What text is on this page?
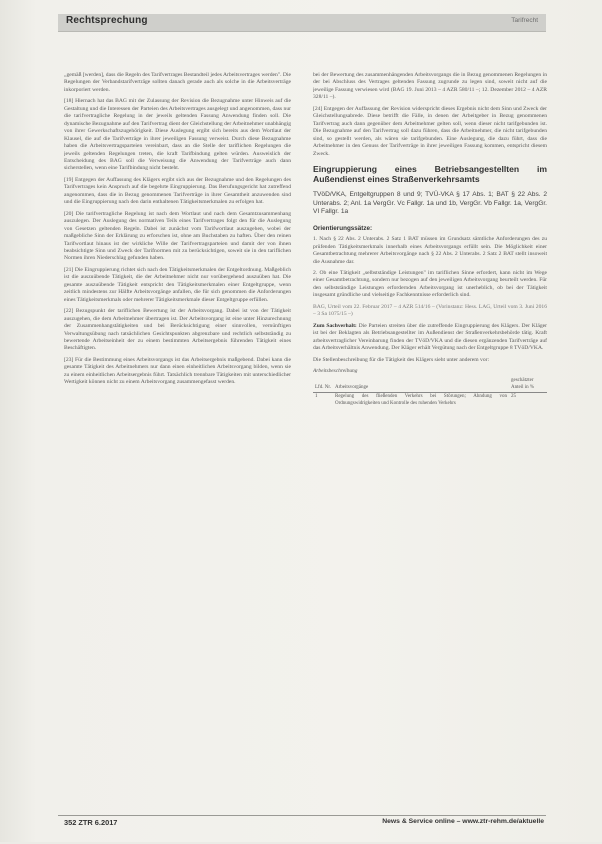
Rechtsprechung	Tarifrecht

„gemäß [werden], dass die Regeln des Tarifvertrages Bestandteil jedes Arbeitsvertrages werden". Die Regelungen der Verbandstarifverträge sollten danach gerade auch als solche in die Arbeitsverträge inkorporiert werden.

[18] Hiernach hat das BAG mit der Zulassung der Revision die Bezugnahme unter Hinweis auf die Gestaltung und die Interessen der Parteien des Arbeitsvertrages ausgelegt und angenommen, dass nur die tarifvertragliche Regelung in der jeweils geltenden Fassung Anwendung finden soll. Die dynamische Bezugnahme auf den Tarifvertrag dient der Gleichstellung der Arbeitnehmer unabhängig von ihrer Gewerkschaftszugehörigkeit. Diese Auslegung ergibt sich bereits aus dem Wortlaut der Klausel, die auf die Tarifverträge in ihrer jeweiligen Fassung verweist. Durch diese Bezugnahme haben die Arbeitsvertragsparteien vereinbart, dass an die Stelle der tariflichen Regelungen die jeweils geltenden Regelungen treten, die kraft Tarifbindung gelten würden. Ausweislich der Entscheidung des BAG soll die Verweisung die Anwendung der Tarifverträge auch dann sicherstellen, wenn eine Tarifbindung nicht besteht.

[19] Entgegen der Auffassung des Klägers ergibt sich aus der Bezugnahme und den Regelungen des Tarifvertrages kein Anspruch auf die begehrte Eingruppierung. Das Berufungsgericht hat zutreffend angenommen, dass die in Bezug genommenen Tarifverträge in ihrer Gesamtheit anzuwenden sind und die Eingruppierung nach den darin enthaltenen Tätigkeitsmerkmalen zu erfolgen hat.

[20] Die tarifvertragliche Regelung ist nach dem Wortlaut und nach dem Gesamtzusammenhang auszulegen. Der Auslegung des normativen Teils eines Tarifvertrages folgt den für die Auslegung von Gesetzen geltenden Regeln. Dabei ist zunächst vom Tarifwortlaut auszugehen, wobei der maßgebliche Sinn der Erklärung zu erforschen ist, ohne am Buchstaben zu haften. Über den reinen Tarifwortlaut hinaus ist der wirkliche Wille der Tarifvertragsparteien und damit der von ihnen beabsichtigte Sinn und Zweck der Tarifnormen mit zu berücksichtigen, soweit sie in den tariflichen Normen ihren Niederschlag gefunden haben.

[21] Die Eingruppierung richtet sich nach den Tätigkeitsmerkmalen der Entgeltordnung. Maßgeblich ist die auszuübende Tätigkeit, die der Arbeitnehmer nicht nur vorübergehend auszuüben hat. Die gesamte auszuübende Tätigkeit entspricht den Tätigkeitsmerkmalen einer Entgeltgruppe, wenn zeitlich mindestens zur Hälfte Arbeitsvorgänge anfallen, die für sich genommen die Anforderungen eines Tätigkeitsmerkmals oder mehrerer Tätigkeitsmerkmale dieser Entgeltgruppe erfüllen.

[22] Bezugspunkt der tariflichen Bewertung ist der Arbeitsvorgang. Dabei ist von der Tätigkeit auszugehen, die dem Arbeitnehmer übertragen ist. Der Arbeitsvorgang ist eine unter Hinzurechnung der Zusammenhangstätigkeiten und bei Berücksichtigung einer sinnvollen, vernünftigen Verwaltungsübung nach tatsächlichen Gesichtspunkten abgrenzbare und rechtlich selbstständig zu bewertende Arbeitseinheit der zu einem bestimmten Arbeitsergebnis führenden Tätigkeit eines Beschäftigten.

[23] Für die Bestimmung eines Arbeitsvorgangs ist das Arbeitsergebnis maßgebend. Dabei kann die gesamte Tätigkeit des Arbeitnehmers nur dann einen einheitlichen Arbeitsvorgang bilden, wenn sie zu einem einheitlichen Arbeitsergebnis führt. Tatsächlich trennbare Tätigkeiten mit unterschiedlicher Wertigkeit können nicht zu einem Arbeitsvorgang zusammengefasst werden.

bei der Bewertung des zusammenhängenden Arbeitsvorgangs die in Bezug genommenen Regelungen in der bei Abschluss des Vertrages geltenden Fassung zugrunde zu legen sind, soweit nicht auf die jeweilige Fassung verwiesen wird (BAG 19. Juni 2013 – 4 AZR 580/11 –; 12. Dezember 2012 – 4 AZR 328/11 –).

[24] Entgegen der Auffassung der Revision widerspricht dieses Ergebnis nicht dem Sinn und Zweck der Gleichstellungsabrede. Diese betrifft die Fälle, in denen der Arbeitgeber in Bezug genommenen Tarifvertrag auch dann gegenüber dem Arbeitnehmer gelten soll, wenn dieser nicht tarifgebunden ist. Die Bezugnahme auf den Tarifvertrag soll dazu führen, dass die Arbeitnehmer, die nicht tarifgebunden sind, so gestellt werden, als wären sie tarifgebunden. Eine Auslegung, die dazu führt, dass die Arbeitnehmer in den Genuss der Tarifverträge in ihrer jeweiligen Fassung kommen, entspricht diesem Zweck.

Eingruppierung eines Betriebsangestellten im Außendienst eines Straßenverkehrsamts
TVöD/VKA, Entgeltgruppen 8 und 9; TVÜ-VKA § 17 Abs. 1; BAT § 22 Abs. 2 Unterabs. 2; Anl. 1a VergGr. Vc Fallgr. 1a und 1b, VergGr. Vb Fallgr. 1a, VergGr. VI Fallgr. 1a
Orientierungssätze:

1. Nach § 22 Abs. 2 Unterabs. 2 Satz 1 BAT müssen im Grundsatz sämtliche Anforderungen des zu prüfenden Tätigkeitsmerkmals innerhalb eines Arbeitsvorgangs erfüllt sein. Die Möglichkeit einer Gesamtbetrachtung mehrerer Arbeitsvorgänge nach § 22 Abs. 2 Unterabs. 2 Satz 2 BAT stellt insoweit die Ausnahme dar.

2. Ob eine Tätigkeit „selbstständige Leistungen" im tariflichen Sinne erfordert, kann nicht im Wege einer Gesamtbetrachtung, sondern nur bezogen auf den jeweiligen Arbeitsvorgang beurteilt werden. Für den selbstständige Leistungen erfordernden Arbeitsvorgang ist unerheblich, ob bei der Tätigkeit insgesamt gründliche und vielseitige Fachkenntnisse erforderlich sind.

BAG, Urteil vom 22. Februar 2017 – 4 AZR 514/16 – (Vorinstanz: Hess. LAG, Urteil vom 3. Juni 2016 – 3 Sa 1075/15 –)

Zum Sachverhalt: Die Parteien streiten über die zutreffende Eingruppierung des Klägers. Der Kläger ist bei der Beklagten als Betriebsangestellter im Außendienst der Straßenverkehrsbehörde tätig. Kraft arbeitsvertraglicher Vereinbarung finden der TVöD/VKA und die diesen ergänzenden Tarifverträge auf das Arbeitsverhältnis Anwendung. Der Kläger erhält Vergütung nach der Entgeltgruppe 8 TVöD/VKA.

Die Stellenbeschreibung für die Tätigkeit des Klägers sieht unter anderem vor:

Arbeitsbeschreibung
Lfd. Nr.	Arbeitsvorgänge	geschätzter Anteil in %
1	Regelung des fließenden Verkehrs bei Störungen; Ahndung von Ordnungswidrigkeiten und Kontrolle des ruhenden Verkehrs	25
352 ZTR 6.2017	News & Service online – www.ztr-rehm.de/aktuelle
